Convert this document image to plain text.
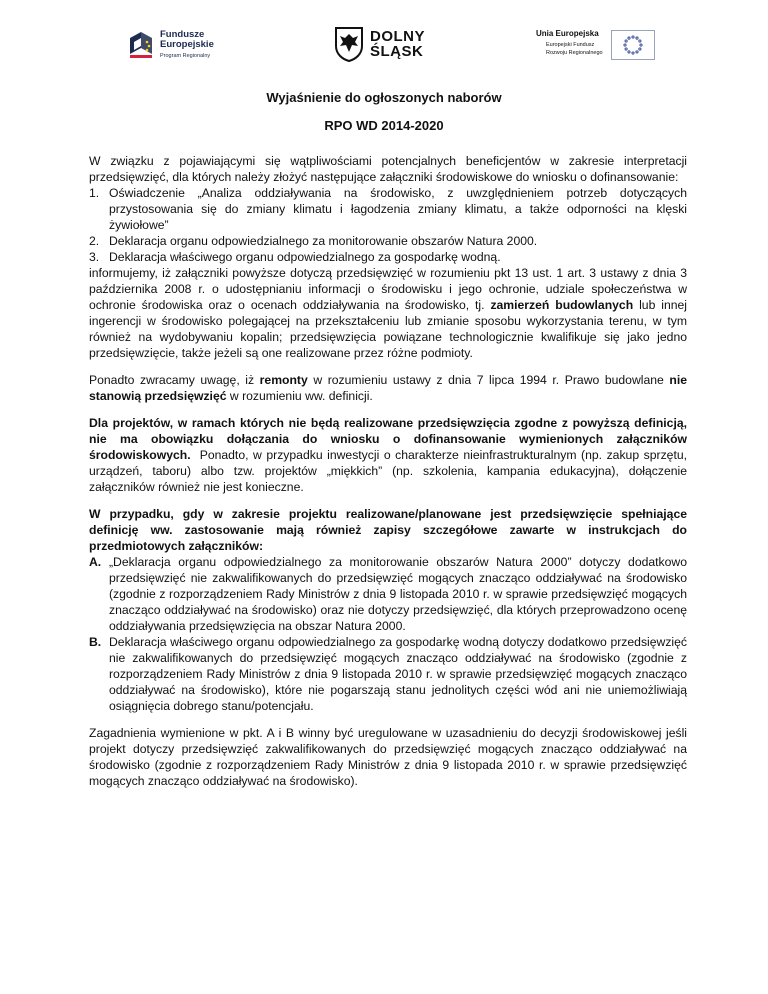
Fundusze
Europejskie
Program Regionalny
DOLNY
ŚLĄSK
Unia Europejska
Europejski Fundusz
Rozwoju Regionalnego
Wyjaśnienie do ogłoszonych naborów
RPO WD 2014-2020

W związku z pojawiającymi się wątpliwościami potencjalnych beneficjentów w zakresie interpretacji przedsięwzięć, dla których należy złożyć następujące załączniki środowiskowe do wniosku o dofinansowanie:

1. Oświadczenie „Analiza oddziaływania na środowisko, z uwzględnieniem potrzeb dotyczących przystosowania się do zmiany klimatu i łagodzenia zmiany klimatu, a także odporności na klęski żywiołowe”
2. Deklaracja organu odpowiedzialnego za monitorowanie obszarów Natura 2000.
3. Deklaracja właściwego organu odpowiedzialnego za gospodarkę wodną.

informujemy, iż załączniki powyższe dotyczą przedsięwzięć w rozumieniu pkt 13 ust. 1 art. 3 ustawy z dnia 3 października 2008 r. o udostępnianiu informacji o środowisku i jego ochronie, udziale społeczeństwa w ochronie środowiska oraz o ocenach oddziaływania na środowisko, tj. zamierzeń budowlanych lub innej ingerencji w środowisko polegającej na przekształceniu lub zmianie sposobu wykorzystania terenu, w tym również na wydobywaniu kopalin; przedsięwzięcia powiązane technologicznie kwalifikuje się jako jedno przedsięwzięcie, także jeżeli są one realizowane przez różne podmioty.

Ponadto zwracamy uwagę, iż remonty w rozumieniu ustawy z dnia 7 lipca 1994 r. Prawo budowlane nie stanowią przedsięwzięć w rozumieniu ww. definicji.

Dla projektów, w ramach których nie będą realizowane przedsięwzięcia zgodne z powyższą definicją, nie ma obowiązku dołączania do wniosku o dofinansowanie wymienionych załączników środowiskowych. Ponadto, w przypadku inwestycji o charakterze nieinfrastrukturalnym (np. zakup sprzętu, urządzeń, taboru) albo tzw. projektów „miękkich” (np. szkolenia, kampania edukacyjna), dołączenie załączników również nie jest konieczne.

W przypadku, gdy w zakresie projektu realizowane/planowane jest przedsięwzięcie spełniające definicję ww. zastosowanie mają również zapisy szczegółowe zawarte w instrukcjach do przedmiotowych załączników:

A. „Deklaracja organu odpowiedzialnego za monitorowanie obszarów Natura 2000” dotyczy dodatkowo przedsięwzięć nie zakwalifikowanych do przedsięwzięć mogących znacząco oddziaływać na środowisko (zgodnie z rozporządzeniem Rady Ministrów z dnia 9 listopada 2010 r. w sprawie przedsięwzięć mogących znacząco oddziaływać na środowisko) oraz nie dotyczy przedsięwzięć, dla których przeprowadzono ocenę oddziaływania przedsięwzięcia na obszar Natura 2000.
B. Deklaracja właściwego organu odpowiedzialnego za gospodarkę wodną dotyczy dodatkowo przedsięwzięć nie zakwalifikowanych do przedsięwzięć mogących znacząco oddziaływać na środowisko (zgodnie z rozporządzeniem Rady Ministrów z dnia 9 listopada 2010 r. w sprawie przedsięwzięć mogących znacząco oddziaływać na środowisko), które nie pogarszają stanu jednolitych części wód ani nie uniemożliwiają osiągnięcia dobrego stanu/potencjału.

Zagadnienia wymienione w pkt. A i B winny być uregulowane w uzasadnieniu do decyzji środowiskowej jeśli projekt dotyczy przedsięwzięć zakwalifikowanych do przedsięwzięć mogących znacząco oddziaływać na środowisko (zgodnie z rozporządzeniem Rady Ministrów z dnia 9 listopada 2010 r. w sprawie przedsięwzięć mogących znacząco oddziaływać na środowisko).
